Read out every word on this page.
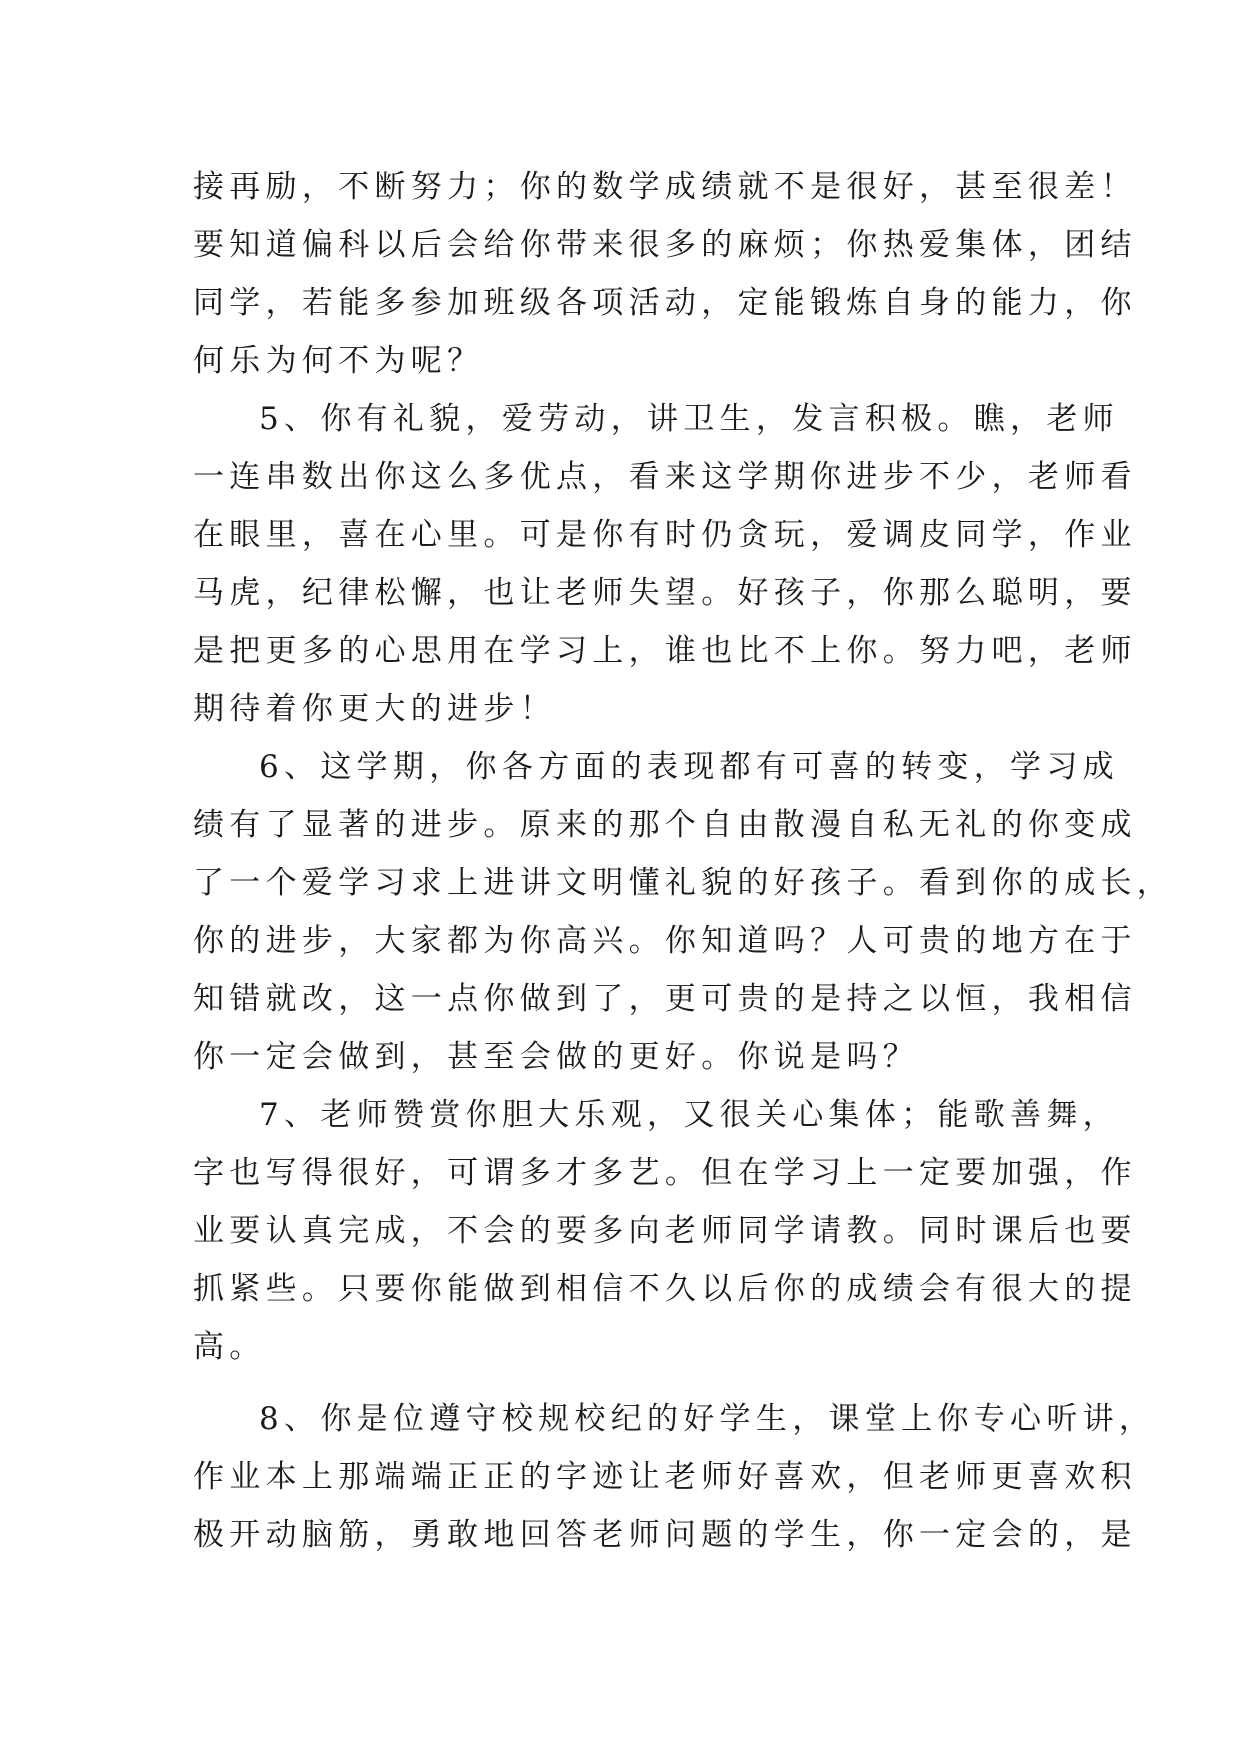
接再励，不断努力；你的数学成绩就不是很好，甚至很差！
要知道偏科以后会给你带来很多的麻烦；你热爱集体，团结
同学，若能多参加班级各项活动，定能锻炼自身的能力，你
何乐为何不为呢？
5、你有礼貌，爱劳动，讲卫生，发言积极。瞧，老师
一连串数出你这么多优点，看来这学期你进步不少，老师看
在眼里，喜在心里。可是你有时仍贪玩，爱调皮同学，作业
马虎，纪律松懈，也让老师失望。好孩子，你那么聪明，要
是把更多的心思用在学习上，谁也比不上你。努力吧，老师
期待着你更大的进步！
6、这学期，你各方面的表现都有可喜的转变，学习成
绩有了显著的进步。原来的那个自由散漫自私无礼的你变成
了一个爱学习求上进讲文明懂礼貌的好孩子。看到你的成长，
你的进步，大家都为你高兴。你知道吗？人可贵的地方在于
知错就改，这一点你做到了，更可贵的是持之以恒，我相信
你一定会做到，甚至会做的更好。你说是吗？
7、老师赞赏你胆大乐观，又很关心集体；能歌善舞，
字也写得很好，可谓多才多艺。但在学习上一定要加强，作
业要认真完成，不会的要多向老师同学请教。同时课后也要
抓紧些。只要你能做到相信不久以后你的成绩会有很大的提
高。
8、你是位遵守校规校纪的好学生，课堂上你专心听讲，
作业本上那端端正正的字迹让老师好喜欢，但老师更喜欢积
极开动脑筋，勇敢地回答老师问题的学生，你一定会的，是
